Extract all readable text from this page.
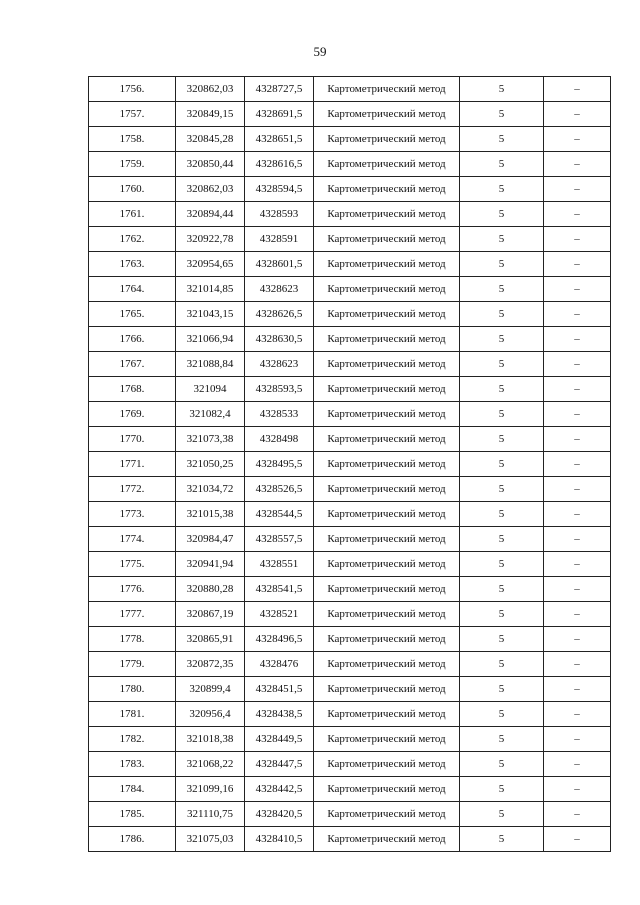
59
1756.	320862,03	4328727,5	Картометрический метод	5	–
1757.	320849,15	4328691,5	Картометрический метод	5	–
1758.	320845,28	4328651,5	Картометрический метод	5	–
1759.	320850,44	4328616,5	Картометрический метод	5	–
1760.	320862,03	4328594,5	Картометрический метод	5	–
1761.	320894,44	4328593	Картометрический метод	5	–
1762.	320922,78	4328591	Картометрический метод	5	–
1763.	320954,65	4328601,5	Картометрический метод	5	–
1764.	321014,85	4328623	Картометрический метод	5	–
1765.	321043,15	4328626,5	Картометрический метод	5	–
1766.	321066,94	4328630,5	Картометрический метод	5	–
1767.	321088,84	4328623	Картометрический метод	5	–
1768.	321094	4328593,5	Картометрический метод	5	–
1769.	321082,4	4328533	Картометрический метод	5	–
1770.	321073,38	4328498	Картометрический метод	5	–
1771.	321050,25	4328495,5	Картометрический метод	5	–
1772.	321034,72	4328526,5	Картометрический метод	5	–
1773.	321015,38	4328544,5	Картометрический метод	5	–
1774.	320984,47	4328557,5	Картометрический метод	5	–
1775.	320941,94	4328551	Картометрический метод	5	–
1776.	320880,28	4328541,5	Картометрический метод	5	–
1777.	320867,19	4328521	Картометрический метод	5	–
1778.	320865,91	4328496,5	Картометрический метод	5	–
1779.	320872,35	4328476	Картометрический метод	5	–
1780.	320899,4	4328451,5	Картометрический метод	5	–
1781.	320956,4	4328438,5	Картометрический метод	5	–
1782.	321018,38	4328449,5	Картометрический метод	5	–
1783.	321068,22	4328447,5	Картометрический метод	5	–
1784.	321099,16	4328442,5	Картометрический метод	5	–
1785.	321110,75	4328420,5	Картометрический метод	5	–
1786.	321075,03	4328410,5	Картометрический метод	5	–
